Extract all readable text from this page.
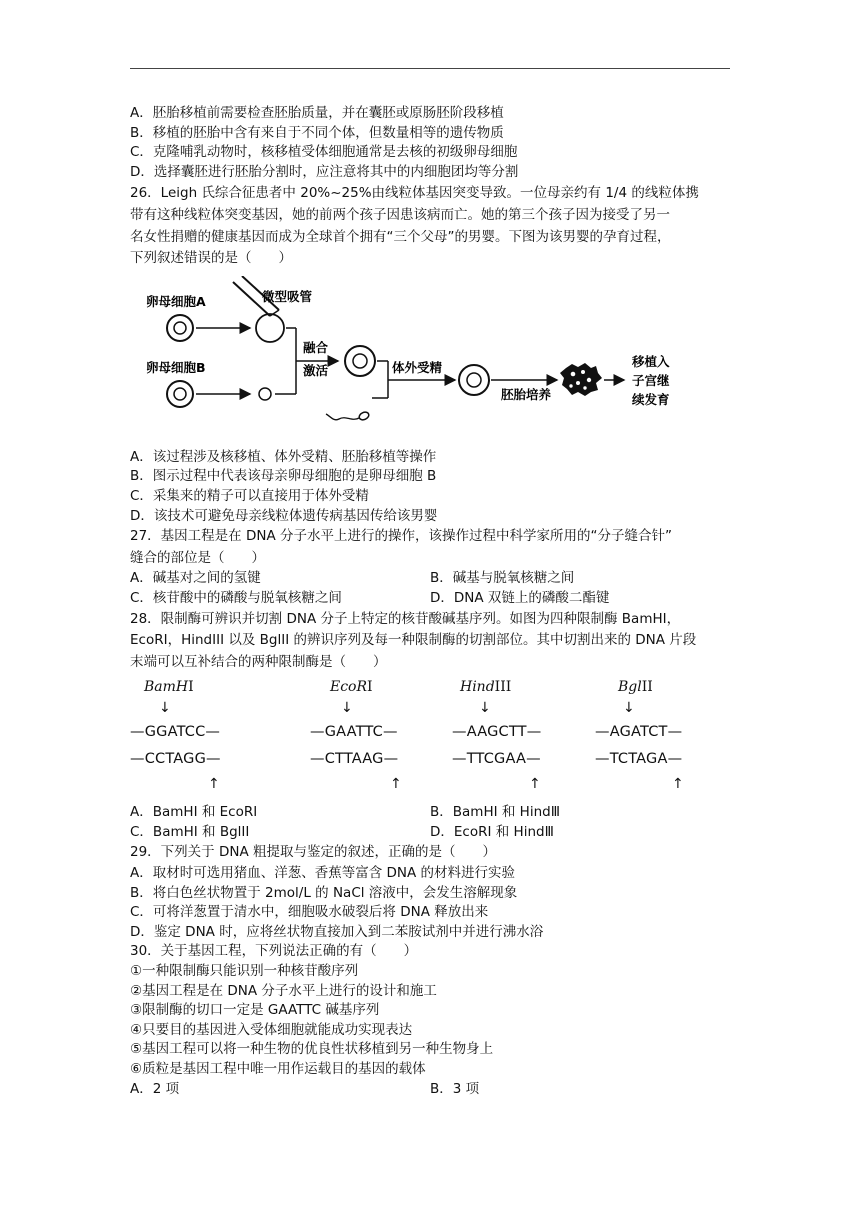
A．胚胎移植前需要检查胚胎质量，并在囊胚或原肠胚阶段移植
B．移植的胚胎中含有来自于不同个体，但数量相等的遗传物质
C．克隆哺乳动物时，核移植受体细胞通常是去核的初级卵母细胞
D．选择囊胚进行胚胎分割时，应注意将其中的内细胞团均等分割
26．Leigh 氏综合征患者中 20%~25%由线粒体基因突变导致。一位母亲约有 1/4 的线粒体携
带有这种线粒体突变基因，她的前两个孩子因患该病而亡。她的第三个孩子因为接受了另一
名女性捐赠的健康基因而成为全球首个拥有“三个父母”的男婴。下图为该男婴的孕育过程，
下列叙述错误的是（　　）
卵母细胞A	微型吸管
卵母细胞B
融合
激活	体外受精
胚胎培养
移植入
子宫继
续发育
A．该过程涉及核移植、体外受精、胚胎移植等操作
B．图示过程中代表该母亲卵母细胞的是卵母细胞 B
C．采集来的精子可以直接用于体外受精
D．该技术可避免母亲线粒体遗传病基因传给该男婴
27．基因工程是在 DNA 分子水平上进行的操作，该操作过程中科学家所用的“分子缝合针”
缝合的部位是（　　）
A．碱基对之间的氢键	B．碱基与脱氧核糖之间
C．核苷酸中的磷酸与脱氧核糖之间	D．DNA 双链上的磷酸二酯键
28．限制酶可辨识并切割 DNA 分子上特定的核苷酸碱基序列。如图为四种限制酶 BamHI，
EcoRI，HindIII 以及 BglII 的辨识序列及每一种限制酶的切割部位。其中切割出来的 DNA 片段
末端可以互补结合的两种限制酶是（　　）
BamHI
↓
—GGATCC—
—CCTAGG—
↑
EcoRI
↓
—GAATTC—
—CTTAAG—
↑
HindIII
↓
—AAGCTT—
—TTCGAA—
↑
BglII
↓
—AGATCT—
—TCTAGA—
↑
A．BamHI 和 EcoRI	B．BamHI 和 HindⅢ
C．BamHI 和 BglII	D．EcoRI 和 HindⅢ
29．下列关于 DNA 粗提取与鉴定的叙述，正确的是（　　）
A．取材时可选用猪血、洋葱、香蕉等富含 DNA 的材料进行实验
B．将白色丝状物置于 2mol/L 的 NaCl 溶液中，会发生溶解现象
C．可将洋葱置于清水中，细胞吸水破裂后将 DNA 释放出来
D．鉴定 DNA 时，应将丝状物直接加入到二苯胺试剂中并进行沸水浴
30．关于基因工程，下列说法正确的有（　　）
①一种限制酶只能识别一种核苷酸序列
②基因工程是在 DNA 分子水平上进行的设计和施工
③限制酶的切口一定是 GAATTC 碱基序列
④只要目的基因进入受体细胞就能成功实现表达
⑤基因工程可以将一种生物的优良性状移植到另一种生物身上
⑥质粒是基因工程中唯一用作运载目的基因的载体
A．2 项	B．3 项
